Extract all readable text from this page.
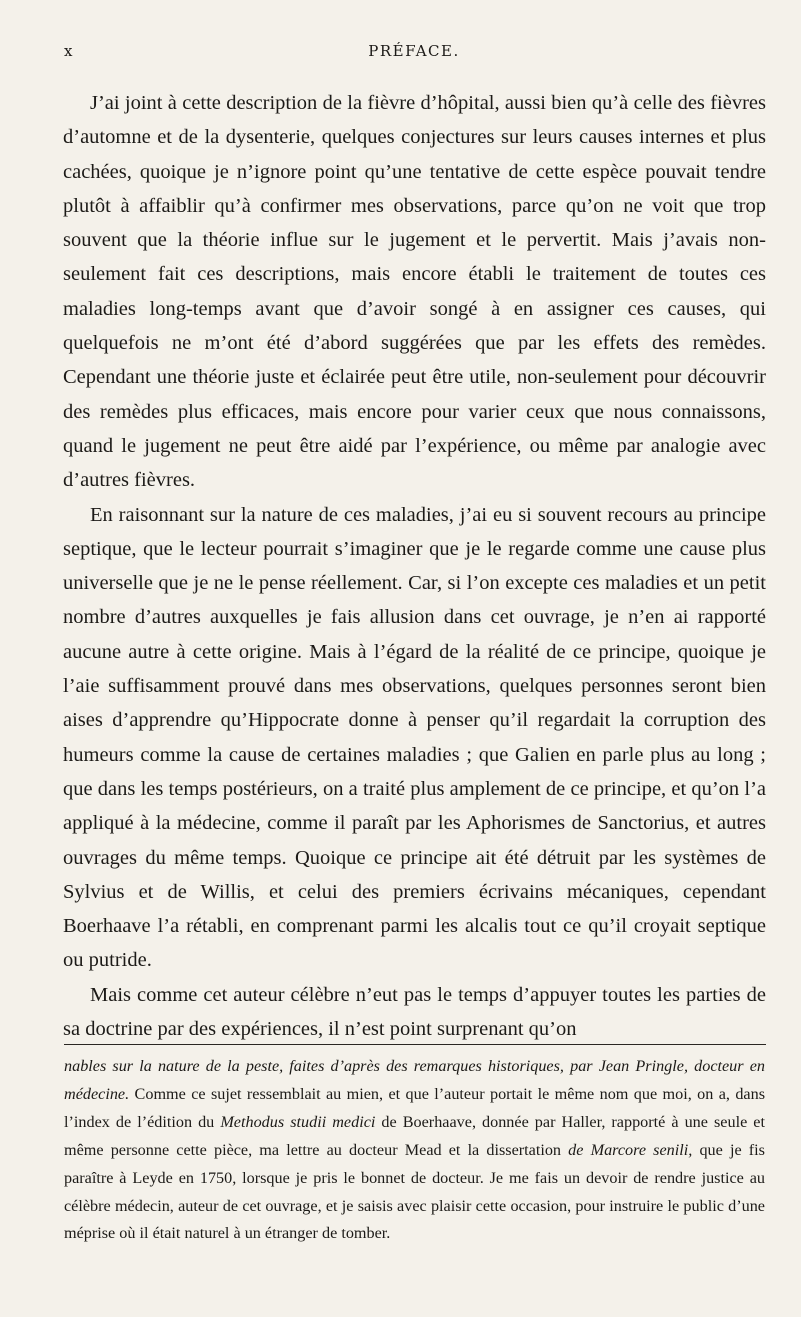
x	PRÉFACE.

J’ai joint à cette description de la fièvre d’hôpital, aussi bien qu’à celle des fièvres d’automne et de la dysenterie, quelques conjectures sur leurs causes internes et plus cachées, quoique je n’ignore point qu’une tentative de cette espèce pouvait tendre plutôt à affaiblir qu’à confirmer mes observations, parce qu’on ne voit que trop souvent que la théorie influe sur le jugement et le pervertit. Mais j’avais non-seulement fait ces descriptions, mais encore établi le traitement de toutes ces maladies long-temps avant que d’avoir songé à en assigner ces causes, qui quelquefois ne m’ont été d’abord suggérées que par les effets des remèdes. Cependant une théorie juste et éclairée peut être utile, non-seulement pour découvrir des remèdes plus efficaces, mais encore pour varier ceux que nous connaissons, quand le jugement ne peut être aidé par l’expérience, ou même par analogie avec d’autres fièvres.

En raisonnant sur la nature de ces maladies, j’ai eu si souvent recours au principe septique, que le lecteur pourrait s’imaginer que je le regarde comme une cause plus universelle que je ne le pense réellement. Car, si l’on excepte ces maladies et un petit nombre d’autres auxquelles je fais allusion dans cet ouvrage, je n’en ai rapporté aucune autre à cette origine. Mais à l’égard de la réalité de ce principe, quoique je l’aie suffisamment prouvé dans mes observations, quelques personnes seront bien aises d’apprendre qu’Hippocrate donne à penser qu’il regardait la corruption des humeurs comme la cause de certaines maladies ; que Galien en parle plus au long ; que dans les temps postérieurs, on a traité plus amplement de ce principe, et qu’on l’a appliqué à la médecine, comme il paraît par les Aphorismes de Sanctorius, et autres ouvrages du même temps. Quoique ce principe ait été détruit par les systèmes de Sylvius et de Willis, et celui des premiers écrivains mécaniques, cependant Boerhaave l’a rétabli, en comprenant parmi les alcalis tout ce qu’il croyait septique ou putride.

Mais comme cet auteur célèbre n’eut pas le temps d’appuyer toutes les parties de sa doctrine par des expériences, il n’est point surprenant qu’on

nables sur la nature de la peste, faites d’après des remarques historiques, par Jean Pringle, docteur en médecine. Comme ce sujet ressemblait au mien, et que l’auteur portait le même nom que moi, on a, dans l’index de l’édition du Methodus studii medici de Boerhaave, donnée par Haller, rapporté à une seule et même personne cette pièce, ma lettre au docteur Mead et la dissertation de Marcore senili, que je fis paraître à Leyde en 1750, lorsque je pris le bonnet de docteur. Je me fais un devoir de rendre justice au célèbre médecin, auteur de cet ouvrage, et je saisis avec plaisir cette occasion, pour instruire le public d’une méprise où il était naturel à un étranger de tomber.
